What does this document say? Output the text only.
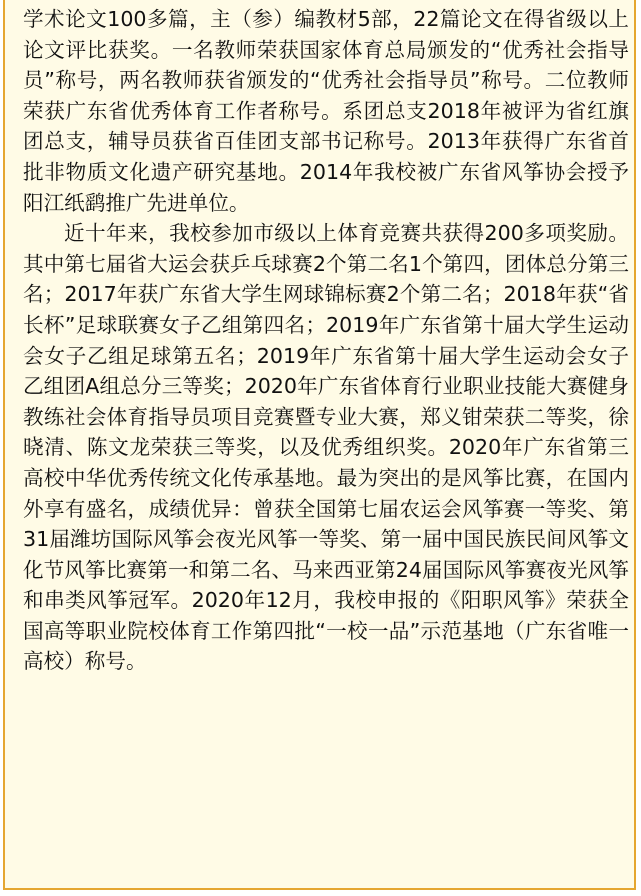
学术论文100多篇，主（参）编教材5部，22篇论文在得省级以上论文评比获奖。一名教师荣获国家体育总局颁发的“优秀社会指导员”称号，两名教师获省颁发的“优秀社会指导员”称号。二位教师荣获广东省优秀体育工作者称号。系团总支2018年被评为省红旗团总支，辅导员获省百佳团支部书记称号。2013年获得广东省首批非物质文化遗产研究基地。2014年我校被广东省风筝协会授予阳江纸鹞推广先进单位。

近十年来，我校参加市级以上体育竞赛共获得200多项奖励。其中第七届省大运会获乒乓球赛2个第二名1个第四，团体总分第三名；2017年获广东省大学生网球锦标赛2个第二名；2018年获“省长杯”足球联赛女子乙组第四名；2019年广东省第十届大学生运动会女子乙组足球第五名；2019年广东省第十届大学生运动会女子乙组团A组总分三等奖；2020年广东省体育行业职业技能大赛健身教练社会体育指导员项目竞赛暨专业大赛，郑义钳荣获二等奖，徐晓清、陈文龙荣获三等奖，以及优秀组织奖。2020年广东省第三高校中华优秀传统文化传承基地。最为突出的是风筝比赛，在国内外享有盛名，成绩优异：曾获全国第七届农运会风筝赛一等奖、第31届潍坊国际风筝会夜光风筝一等奖、第一届中国民族民间风筝文化节风筝比赛第一和第二名、马来西亚第24届国际风筝赛夜光风筝和串类风筝冠军。2020年12月，我校申报的《阳职风筝》荣获全国高等职业院校体育工作第四批“一校一品”示范基地（广东省唯一高校）称号。
